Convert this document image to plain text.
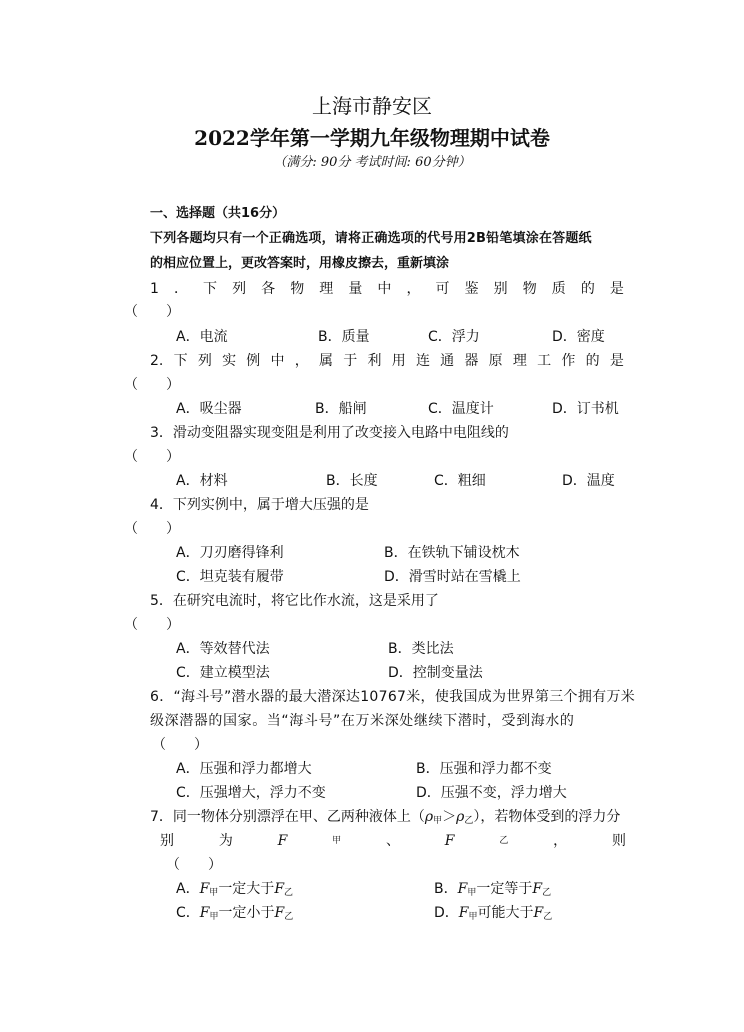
上海市静安区
2022学年第一学期九年级物理期中试卷
（满分: 90分 考试时间: 60分钟）
一、选择题（共16分）
下列各题均只有一个正确选项，请将正确选项的代号用2B铅笔填涂在答题纸
的相应位置上，更改答案时，用橡皮擦去，重新填涂
1 ． 下 列 各 物 理 量 中 ， 可 鉴 别 物 质 的 是
（　　）
A．电流	B．质量	C．浮力	D．密度
2. 下 列 实 例 中 ， 属 于 利 用 连 通 器 原 理 工 作 的 是
（　　）
A．吸尘器	B．船闸	C．温度计	D．订书机
3．滑动变阻器实现变阻是利用了改变接入电路中电阻线的
（　　）
A．材料	B．长度	C．粗细	D．温度
4．下列实例中，属于增大压强的是
（　　）
A．刀刃磨得锋利	B．在铁轨下铺设枕木
C．坦克装有履带	D．滑雪时站在雪橇上
5．在研究电流时，将它比作水流，这是采用了
（　　）
A．等效替代法	B．类比法
C．建立模型法	D．控制变量法
6．“海斗号”潜水器的最大潜深达10767米，使我国成为世界第三个拥有万米
级深潜器的国家。当“海斗号”在万米深处继续下潜时，受到海水的
（　　）
A．压强和浮力都增大	B．压强和浮力都不变
C．压强增大，浮力不变	D．压强不变，浮力增大
7．同一物体分别漂浮在甲、乙两种液体上$(\rho_甲>\rho_乙)$，若物体受到的浮力分
别	为	F	甲	、	F	乙	，	则
（　　）
A．$F_甲$一定大于$F_乙$	B．$F_甲$一定等于$F_乙$
C．$F_甲$一定小于$F_乙$	D．$F_甲$可能大于$F_乙$
